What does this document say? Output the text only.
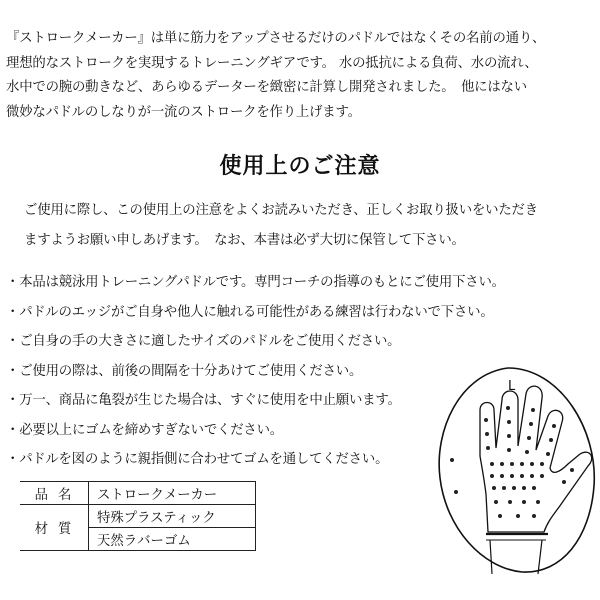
『ストロークメーカー』は単に筋力をアップさせるだけのパドルではなくその名前の通り、

理想的なストロークを実現するトレーニングギアです。 水の抵抗による負荷、水の流れ、

水中での腕の動きなど、あらゆるデーターを緻密に計算し開発されました。　他にはない

微妙なパドルのしなりが一流のストロークを作り上げます。

使用上のご注意

ご使用に際し、この使用上の注意をよくお読みいただき、正しくお取り扱いをいただき

ますようお願い申しあげます。　なお、本書は必ず大切に保管して下さい。

・本品は競泳用トレーニングパドルです。専門コーチの指導のもとにご使用下さい。
・パドルのエッジがご自身や他人に触れる可能性がある練習は行わないで下さい。
・ご自身の手の大きさに適したサイズのパドルをご使用ください。
・ご使用の際は、前後の間隔を十分あけてご使用ください。
・万一、商品に亀裂が生じた場合は、すぐに使用を中止願います。
・必要以上にゴムを締めすぎないでください。
・パドルを図のように親指側に合わせてゴムを通してください。
品名	ストロークメーカー
材質	特殊プラスティック
	天然ラバーゴム
L
